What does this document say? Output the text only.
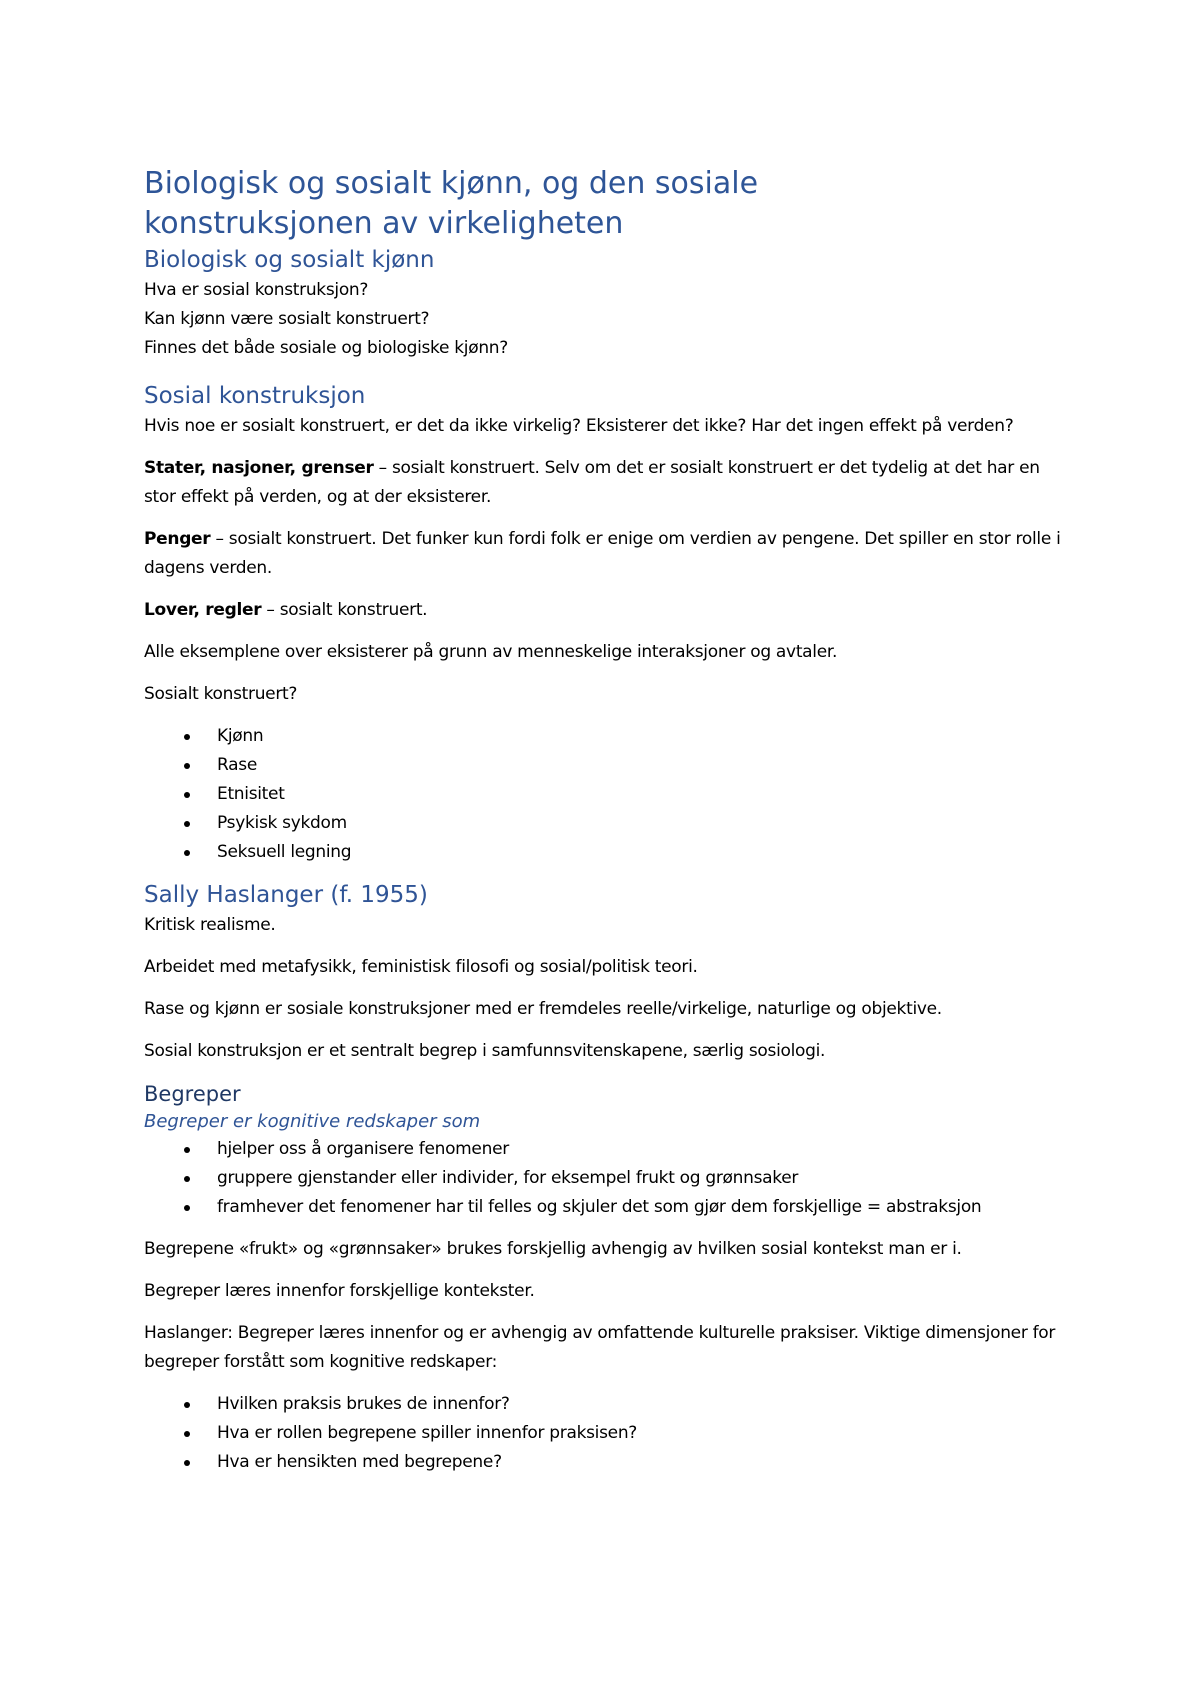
Biologisk og sosialt kjønn, og den sosiale
konstruksjonen av virkeligheten
Biologisk og sosialt kjønn

Hva er sosial konstruksjon?

Kan kjønn være sosialt konstruert?

Finnes det både sosiale og biologiske kjønn?

Sosial konstruksjon

Hvis noe er sosialt konstruert, er det da ikke virkelig? Eksisterer det ikke? Har det ingen effekt på verden?

Stater, nasjoner, grenser – sosialt konstruert. Selv om det er sosialt konstruert er det tydelig at det har en stor effekt på verden, og at der eksisterer.

Penger – sosialt konstruert. Det funker kun fordi folk er enige om verdien av pengene. Det spiller en stor rolle i dagens verden.

Lover, regler – sosialt konstruert.

Alle eksemplene over eksisterer på grunn av menneskelige interaksjoner og avtaler.

Sosialt konstruert?

Kjønn
Rase
Etnisitet
Psykisk sykdom
Seksuell legning
Sally Haslanger (f. 1955)

Kritisk realisme.

Arbeidet med metafysikk, feministisk filosofi og sosial/politisk teori.

Rase og kjønn er sosiale konstruksjoner med er fremdeles reelle/virkelige, naturlige og objektive.

Sosial konstruksjon er et sentralt begrep i samfunnsvitenskapene, særlig sosiologi.

Begreper
Begreper er kognitive redskaper som
hjelper oss å organisere fenomener
gruppere gjenstander eller individer, for eksempel frukt og grønnsaker
framhever det fenomener har til felles og skjuler det som gjør dem forskjellige = abstraksjon

Begrepene «frukt» og «grønnsaker» brukes forskjellig avhengig av hvilken sosial kontekst man er i.

Begreper læres innenfor forskjellige kontekster.

Haslanger: Begreper læres innenfor og er avhengig av omfattende kulturelle praksiser. Viktige dimensjoner for begreper forstått som kognitive redskaper:

Hvilken praksis brukes de innenfor?
Hva er rollen begrepene spiller innenfor praksisen?
Hva er hensikten med begrepene?
